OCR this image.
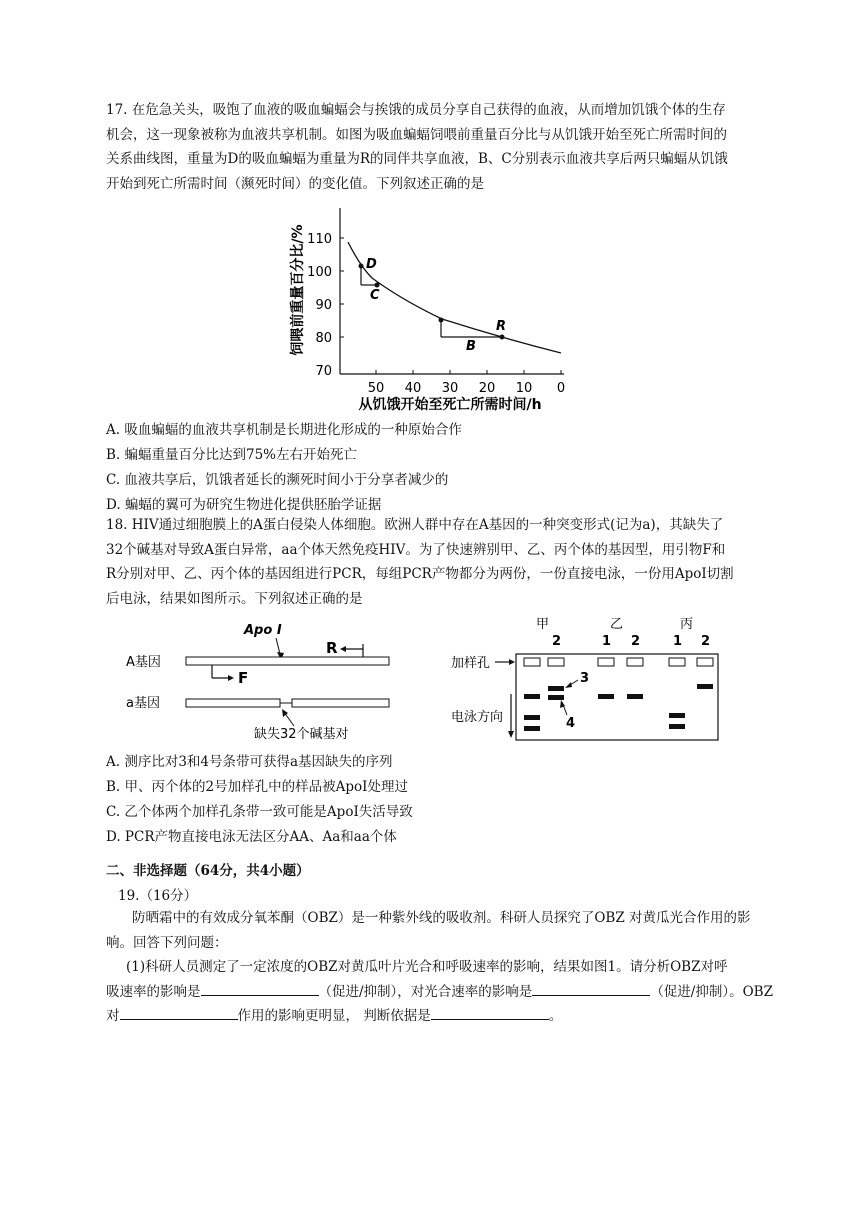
17. 在危急关头，吸饱了血液的吸血蝙蝠会与挨饿的成员分享自己获得的血液，从而增加饥饿个体的生存
机会，这一现象被称为血液共享机制。如图为吸血蝙蝠饲喂前重量百分比与从饥饿开始至死亡所需时间的
关系曲线图，重量为D的吸血蝙蝠为重量为R的同伴共享血液，B、C分别表示血液共享后两只蝙蝠从饥饿
开始到死亡所需时间（濒死时间）的变化值。下列叙述正确的是
110
100
90
80
70
50 40 30 20 10 0
从饥饿开始至死亡所需时间/h
饲喂前重量百分比/%	D
C
R
B
A. 吸血蝙蝠的血液共享机制是长期进化形成的一种原始合作
B. 蝙蝠重量百分比达到75%左右开始死亡
C. 血液共享后，饥饿者延长的濒死时间小于分享者减少的
D. 蝙蝠的翼可为研究生物进化提供胚胎学证据
18. HIV通过细胞膜上的A蛋白侵染人体细胞。欧洲人群中存在A基因的一种突变形式(记为a)，其缺失了
32个碱基对导致A蛋白异常，aa个体天然免疫HIV。为了快速辨别甲、乙、丙个体的基因型，用引物F和
R分别对甲、乙、丙个体的基因组进行PCR，每组PCR产物都分为两份，一份直接电泳，一份用ApoI切割
后电泳，结果如图所示。下列叙述正确的是
Apo Ⅰ
A基因
R
F
a基因
缺失32个碱基对
甲	乙	丙
2	1 2	1 2
加样孔
3
4
电泳方向
A. 测序比对3和4号条带可获得a基因缺失的序列
B. 甲、丙个体的2号加样孔中的样品被ApoI处理过
C. 乙个体两个加样孔条带一致可能是ApoI失活导致
D. PCR产物直接电泳无法区分AA、Aa和aa个体
二、非选择题（64分，共4小题）
19.（16分）
防晒霜中的有效成分氧苯酮（OBZ）是一种紫外线的吸收剂。科研人员探究了OBZ 对黄瓜光合作用的影
响。回答下列问题：
(1)科研人员测定了一定浓度的OBZ对黄瓜叶片光合和呼吸速率的影响，结果如图1。请分析OBZ对呼
吸速率的影响是	（促进/抑制），对光合速率的影响是	（促进/抑制）。OBZ
对	作用的影响更明显， 判断依据是	。
